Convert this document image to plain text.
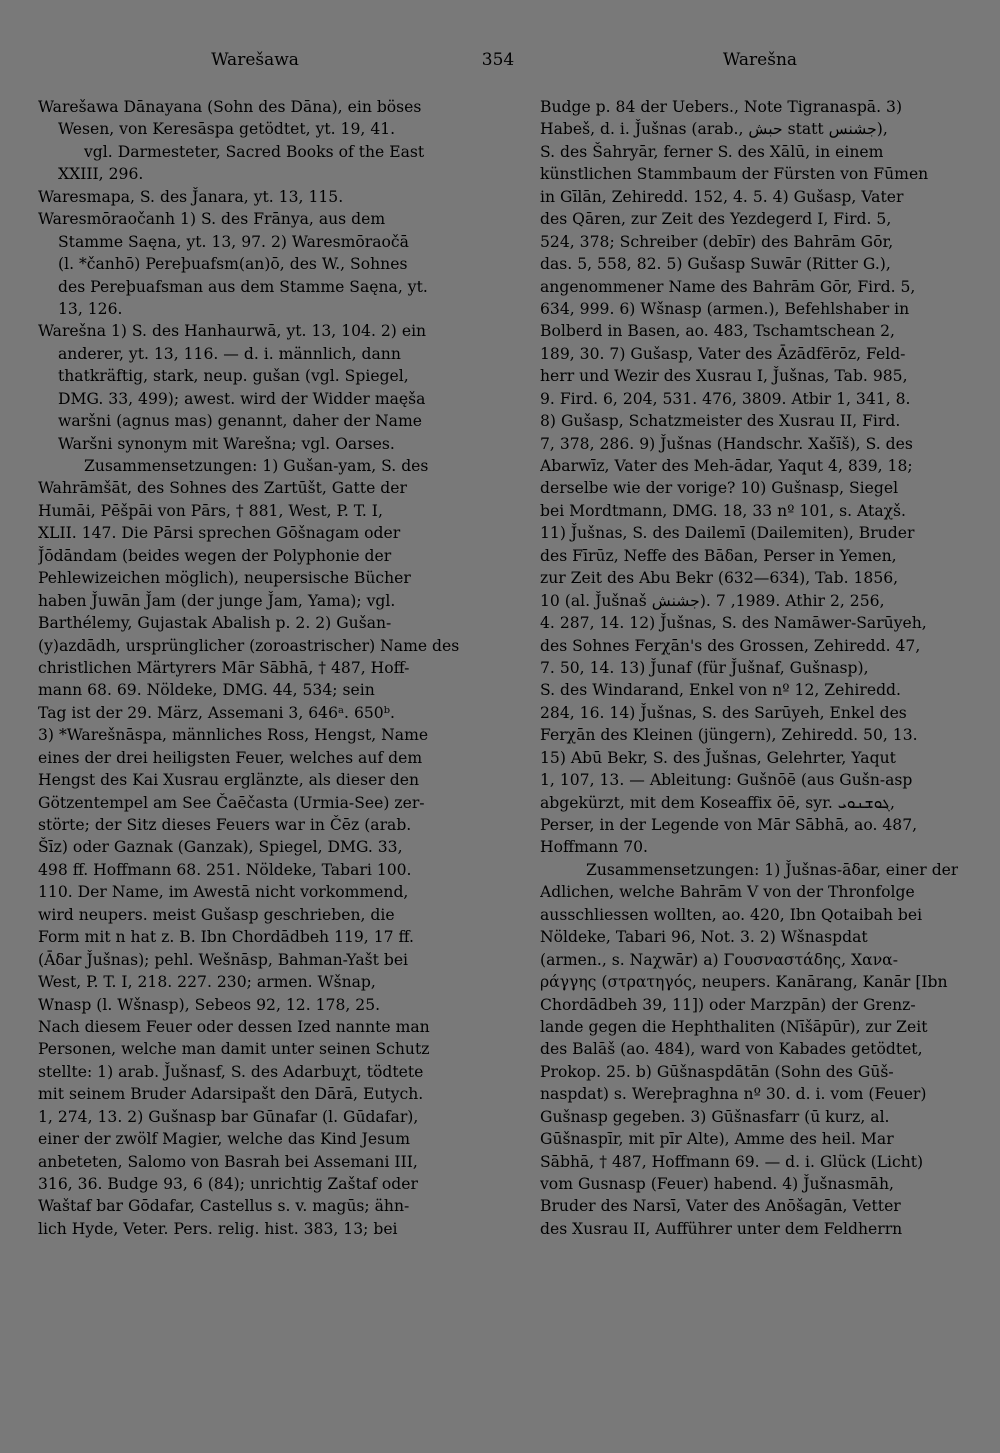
Warešawa	354	Warešna
Warešawa Dānayana (Sohn des Dāna), ein böses
Wesen, von Keresāspa getödtet, yt. 19, 41.
vgl. Darmesteter, Sacred Books of the East
XXIII, 296.
Waresmapa, S. des J̌anara, yt. 13, 115.
Waresmōraočanh 1) S. des Frānya, aus dem
Stamme Saęna, yt. 13, 97. 2) Waresmōraočā
(l. *čanhō) Pereþuafsm(an)ō, des W., Sohnes
des Pereþuafsman aus dem Stamme Saęna, yt.
13, 126.
Warešna 1) S. des Hanhaurwā, yt. 13, 104. 2) ein
anderer, yt. 13, 116. — d. i. männlich, dann
thatkräftig, stark, neup. gušan (vgl. Spiegel,
DMG. 33, 499); awest. wird der Widder maęša
waršni (agnus mas) genannt, daher der Name
Waršni synonym mit Warešna; vgl. Oarses.
Zusammensetzungen: 1) Gušan-yam, S. des
Wahrāmšāt, des Sohnes des Zartūšt, Gatte der
Humāi, Pēšpāi von Pārs, † 881, West, P. T. I,
XLII. 147. Die Pārsi sprechen Gōšnagam oder
J̌ōdāndam (beides wegen der Polyphonie der
Pehlewizeichen möglich), neupersische Bücher
haben J̌uwān J̌am (der junge J̌am, Yama); vgl.
Barthélemy, Gujastak Abalish p. 2. 2) Gušan-
(y)azdādh, ursprünglicher (zoroastrischer) Name des
christlichen Märtyrers Mār Sābhā, † 487, Hoff-
mann 68. 69. Nöldeke, DMG. 44, 534; sein
Tag ist der 29. März, Assemani 3, 646ᵃ. 650ᵇ.
3) *Warešnāspa, männliches Ross, Hengst, Name
eines der drei heiligsten Feuer, welches auf dem
Hengst des Kai Xusrau erglänzte, als dieser den
Götzentempel am See Čaēčasta (Urmia-See) zer-
störte; der Sitz dieses Feuers war in Čēz (arab.
Šīz) oder Gaznak (Ganzak), Spiegel, DMG. 33,
498 ff. Hoffmann 68. 251. Nöldeke, Tabari 100.
110. Der Name, im Awestā nicht vorkommend,
wird neupers. meist Gušasp geschrieben, die
Form mit n hat z. B. Ibn Chordādbeh 119, 17 ff.
(Āδar J̌ušnas); pehl. Wešnāsp, Bahman-Yašt bei
West, P. T. I, 218. 227. 230; armen. Wšnap,
Wnasp (l. Wšnasp), Sebeos 92, 12. 178, 25.
Nach diesem Feuer oder dessen Ized nannte man
Personen, welche man damit unter seinen Schutz
stellte: 1) arab. J̌ušnasf, S. des Adarbuχt, tödtete
mit seinem Bruder Adarsipašt den Dārā, Eutych.
1, 274, 13. 2) Gušnasp bar Gūnafar (l. Gūdafar),
einer der zwölf Magier, welche das Kind Jesum
anbeteten, Salomo von Basrah bei Assemani III,
316, 36. Budge 93, 6 (84); unrichtig Zaštaf oder
Waštaf bar Gōdafar, Castellus s. v. magūs; ähn-
lich Hyde, Veter. Pers. relig. hist. 383, 13; bei
Budge p. 84 der Uebers., Note Tigranaspā. 3)
Habeš, d. i. J̌ušnas (arab., حبش statt جشنس),
S. des Šahryār, ferner S. des Xālū, in einem
künstlichen Stammbaum der Fürsten von Fūmen
in Gīlān, Zehiredd. 152, 4. 5. 4) Gušasp, Vater
des Qāren, zur Zeit des Yezdegerd I, Fird. 5,
524, 378; Schreiber (debīr) des Bahrām Gōr,
das. 5, 558, 82. 5) Gušasp Suwār (Ritter G.),
angenommener Name des Bahrām Gōr, Fird. 5,
634, 999. 6) Wšnasp (armen.), Befehlshaber in
Bolberd in Basen, ao. 483, Tschamtschean 2,
189, 30. 7) Gušasp, Vater des Āzādfērōz, Feld-
herr und Wezir des Xusrau I, J̌ušnas, Tab. 985,
9. Fird. 6, 204, 531. 476, 3809. Atbir 1, 341, 8.
8) Gušasp, Schatzmeister des Xusrau II, Fird.
7, 378, 286. 9) J̌ušnas (Handschr. Xašīš), S. des
Abarwīz, Vater des Meh-ādar, Yaqut 4, 839, 18;
derselbe wie der vorige? 10) Gušnasp, Siegel
bei Mordtmann, DMG. 18, 33 nº 101, s. Ataχš.
11) J̌ušnas, S. des Dailemī (Dailemiten), Bruder
des Fīrūz, Neffe des Bāδan, Perser in Yemen,
zur Zeit des Abu Bekr (632—634), Tab. 1856,
10 (al. J̌ušnaš جشنش). 1989, 7. Athir 2, 256,
4. 287, 14. 12) J̌ušnas, S. des Namāwer-Sarūyeh,
des Sohnes Ferχān's des Grossen, Zehiredd. 47,
7. 50, 14. 13) J̌unaf (für J̌ušnaf, Gušnasp),
S. des Windarand, Enkel von nº 12, Zehiredd.
284, 16. 14) J̌ušnas, S. des Sarūyeh, Enkel des
Ferχān des Kleinen (jüngern), Zehiredd. 50, 13.
15) Abū Bekr, S. des J̌ušnas, Gelehrter, Yaqut
1, 107, 13. — Ableitung: Gušnōē (aus Gušn-asp
abgekürzt, mit dem Koseaffix ōē, syr. ܓܘܫܢܘܝ,
Perser, in der Legende von Mār Sābhā, ao. 487,
Hoffmann 70.
Zusammensetzungen: 1) J̌ušnas-āδar, einer der
Adlichen, welche Bahrām V von der Thronfolge
ausschliessen wollten, ao. 420, Ibn Qotaibah bei
Nöldeke, Tabari 96, Not. 3. 2) Wšnaspdat
(armen., s. Naχwār) a) Γουσναστάδης, Χανα-
ράγγης (στρατηγός, neupers. Kanārang, Kanār [Ibn
Chordādbeh 39, 11]) oder Marzpān) der Grenz-
lande gegen die Hephthaliten (Nīšāpūr), zur Zeit
des Balāš (ao. 484), ward von Kabades getödtet,
Prokop. 25. b) Gūšnaspdātān (Sohn des Gūš-
naspdat) s. Wereþraghna nº 30. d. i. vom (Feuer)
Gušnasp gegeben. 3) Gūšnasfarr (ū kurz, al.
Gūšnaspīr, mit pīr Alte), Amme des heil. Mar
Sābhā, † 487, Hoffmann 69. — d. i. Glück (Licht)
vom Gusnasp (Feuer) habend. 4) J̌ušnasmāh,
Bruder des Narsī, Vater des Anōšagān, Vetter
des Xusrau II, Aufführer unter dem Feldherrn
